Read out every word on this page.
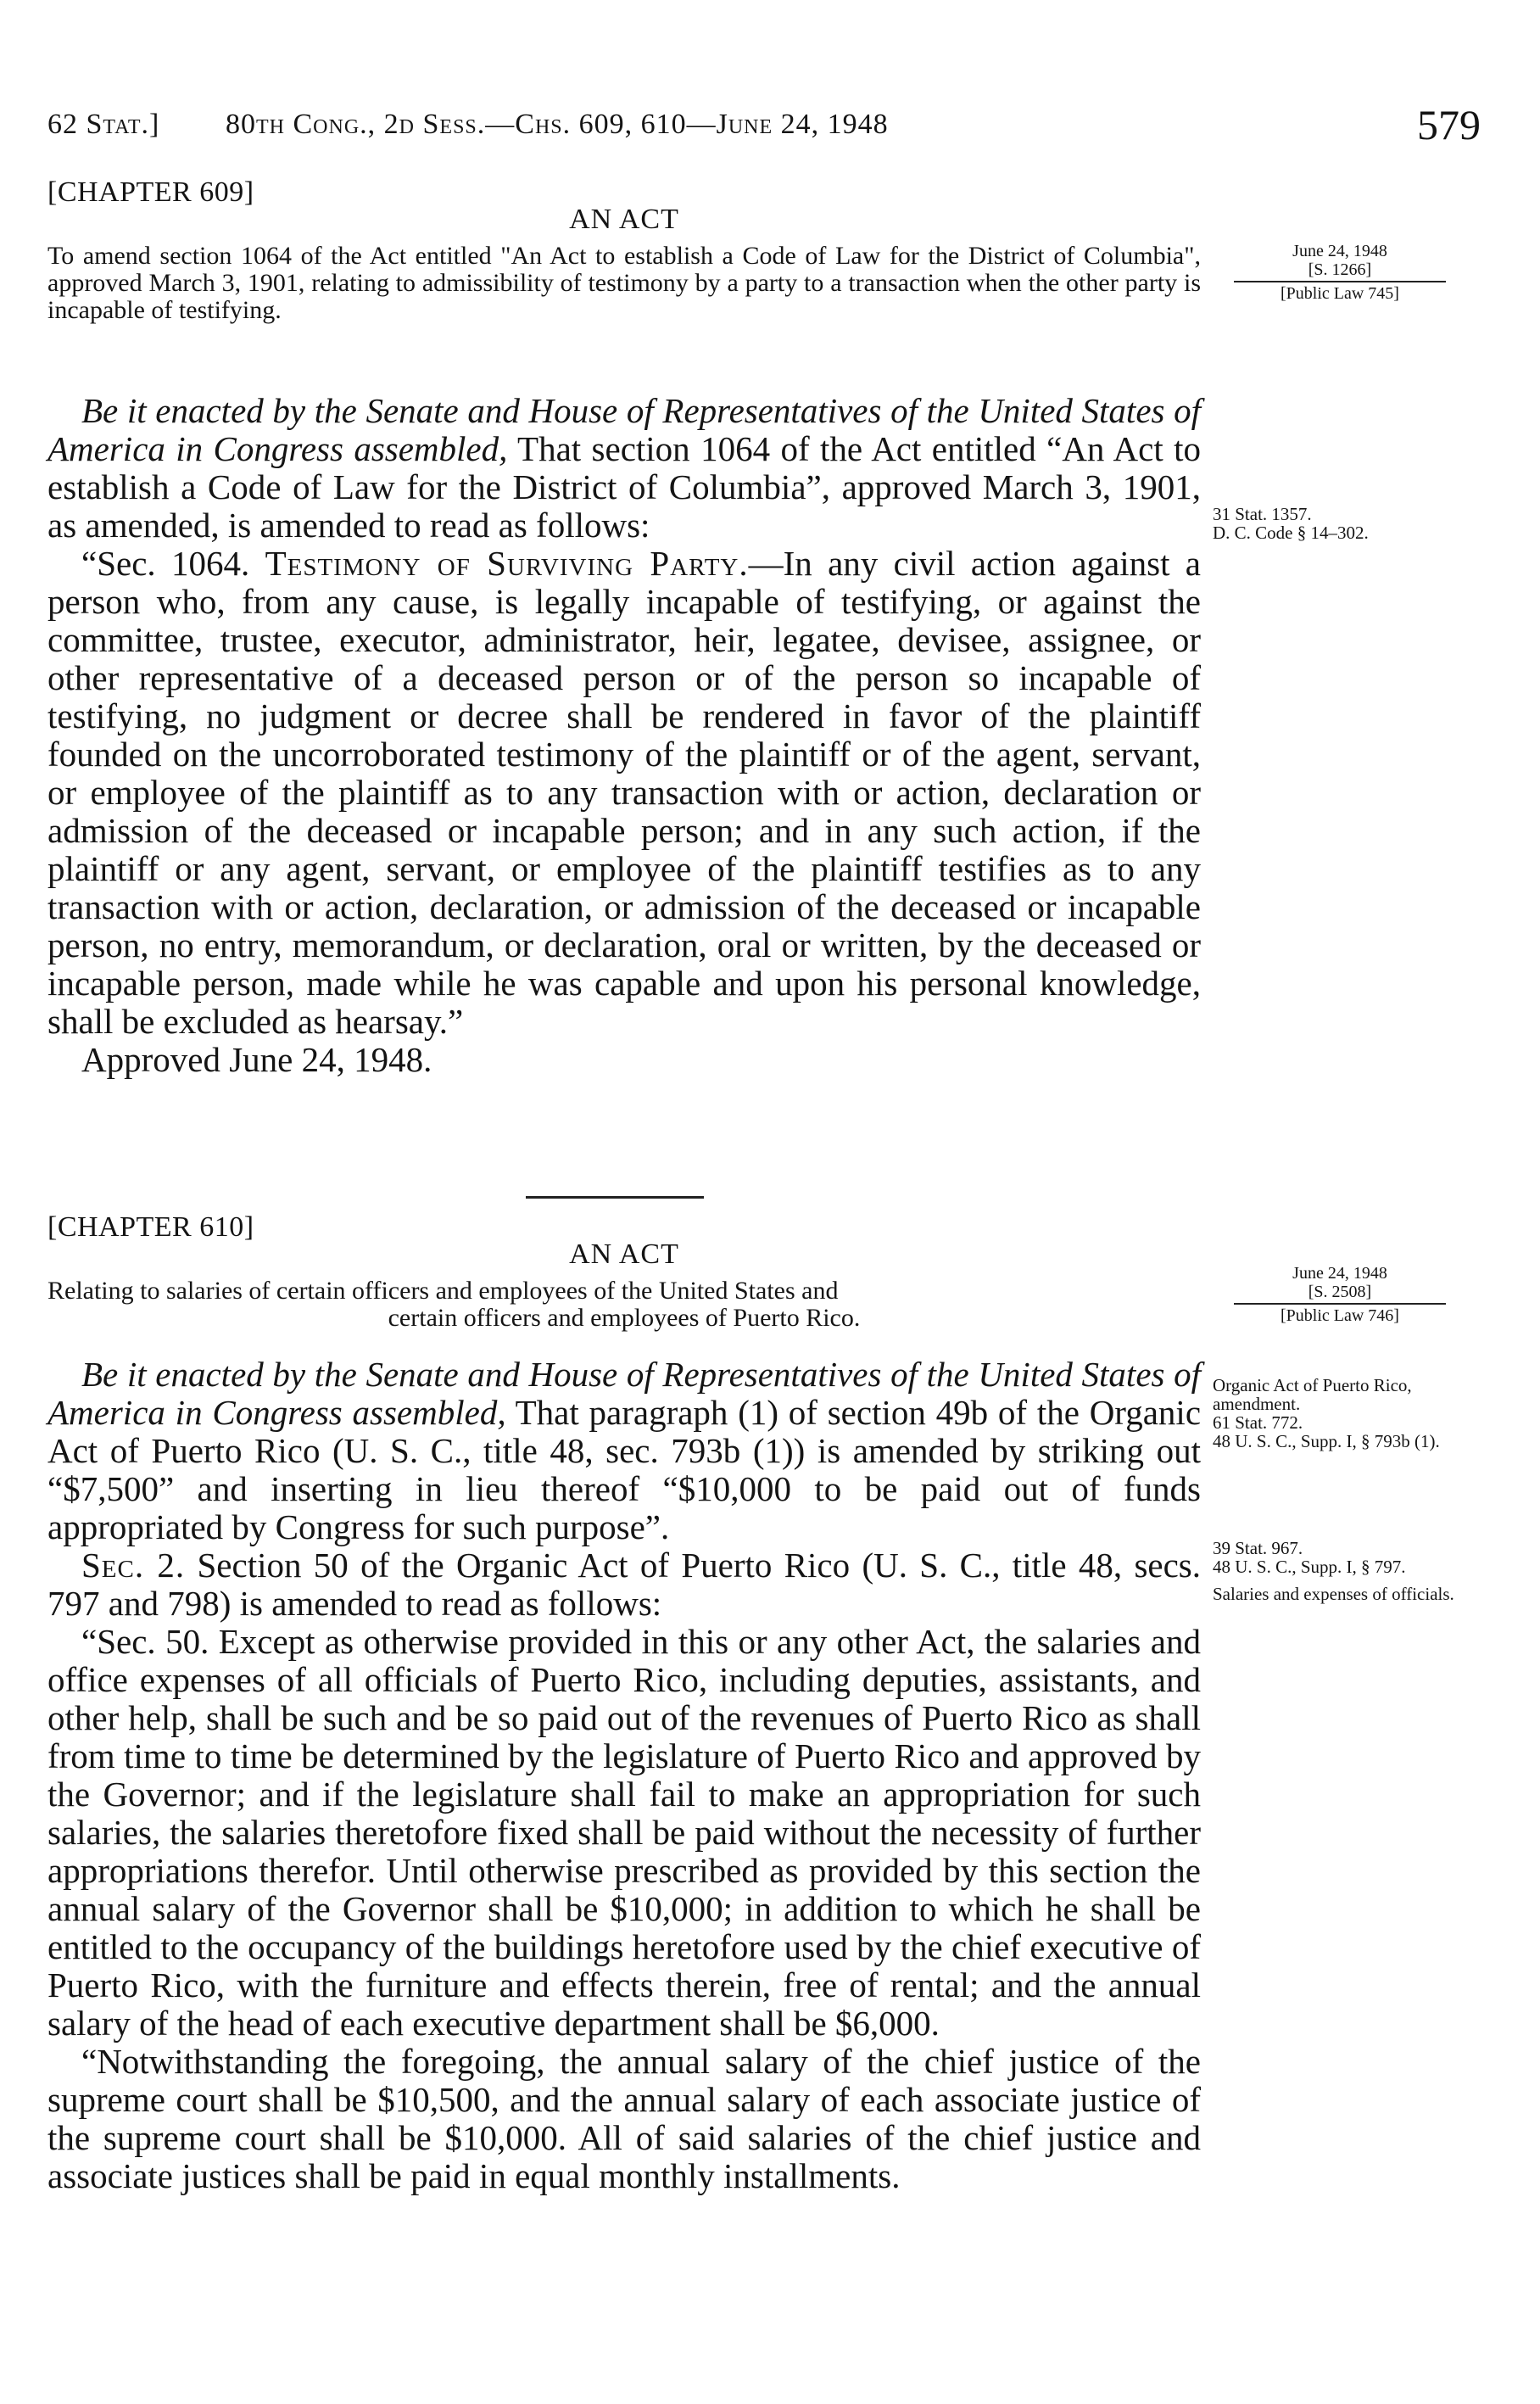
62 Stat.] 80th Cong., 2d Sess.—Chs. 609, 610—June 24, 1948	579
[CHAPTER 609]
AN ACT
To amend section 1064 of the Act entitled "An Act to establish a Code of Law for the District of Columbia", approved March 3, 1901, relating to admissibility of testimony by a party to a transaction when the other party is incapable of testifying.
June 24, 1948
[S. 1266]
[Public Law 745]

Be it enacted by the Senate and House of Representatives of the United States of America in Congress assembled, That section 1064 of the Act entitled “An Act to establish a Code of Law for the District of Columbia”, approved March 3, 1901, as amended, is amended to read as follows:

“Sec. 1064. Testimony of Surviving Party.—In any civil action against a person who, from any cause, is legally incapable of testifying, or against the committee, trustee, executor, administrator, heir, legatee, devisee, assignee, or other representative of a deceased person or of the person so incapable of testifying, no judgment or decree shall be rendered in favor of the plaintiff founded on the uncorroborated testimony of the plaintiff or of the agent, servant, or employee of the plaintiff as to any transaction with or action, declaration or admission of the deceased or incapable person; and in any such action, if the plaintiff or any agent, servant, or employee of the plaintiff testifies as to any transaction with or action, declaration, or admission of the deceased or incapable person, no entry, memorandum, or declaration, oral or written, by the deceased or incapable person, made while he was capable and upon his personal knowledge, shall be excluded as hearsay.”

Approved June 24, 1948.

31 Stat. 1357.
D. C. Code § 14–302.
[CHAPTER 610]
AN ACT
Relating to salaries of certain officers and employees of the United States and
certain officers and employees of Puerto Rico.
June 24, 1948
[S. 2508]
[Public Law 746]

Be it enacted by the Senate and House of Representatives of the United States of America in Congress assembled, That paragraph (1) of section 49b of the Organic Act of Puerto Rico (U. S. C., title 48, sec. 793b (1)) is amended by striking out “$7,500” and inserting in lieu thereof “$10,000 to be paid out of funds appropriated by Congress for such purpose”.

Sec. 2. Section 50 of the Organic Act of Puerto Rico (U. S. C., title 48, secs. 797 and 798) is amended to read as follows:

“Sec. 50. Except as otherwise provided in this or any other Act, the salaries and office expenses of all officials of Puerto Rico, including deputies, assistants, and other help, shall be such and be so paid out of the revenues of Puerto Rico as shall from time to time be determined by the legislature of Puerto Rico and approved by the Governor; and if the legislature shall fail to make an appropriation for such salaries, the salaries theretofore fixed shall be paid without the necessity of further appropriations therefor. Until otherwise prescribed as provided by this section the annual salary of the Governor shall be $10,000; in addition to which he shall be entitled to the occupancy of the buildings heretofore used by the chief executive of Puerto Rico, with the furniture and effects therein, free of rental; and the annual salary of the head of each executive department shall be $6,000.

“Notwithstanding the foregoing, the annual salary of the chief justice of the supreme court shall be $10,500, and the annual salary of each associate justice of the supreme court shall be $10,000. All of said salaries of the chief justice and associate justices shall be paid in equal monthly installments.

Organic Act of Puerto Rico, amendment.
61 Stat. 772.
48 U. S. C., Supp. I, § 793b (1).
39 Stat. 967.
48 U. S. C., Supp. I, § 797.
Salaries and expenses of officials.
